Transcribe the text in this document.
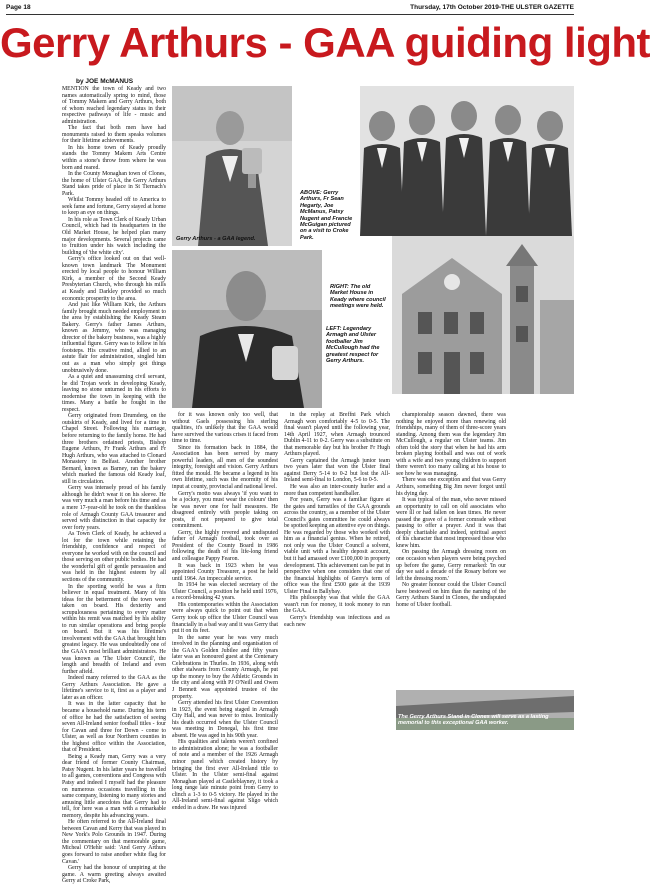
Page 18	Thursday, 17th October 2019-THE ULSTER GAZETTE
Gerry Arthurs - GAA guiding light
by JOE McMANUS

MENTION the town of Keady and two names automatically spring to mind, those of Tommy Makem and Gerry Arthurs, both of whom reached legendary status in their respective pathways of life - music and administration.

The fact that both men have had monuments raised to them speaks volumes for their lifetime achievements.

In his home town of Keady proudly stands the Tommy Makem Arts Centre within a stone's throw from where he was born and reared.

In the County Monaghan town of Clones, the home of Ulster GAA, the Gerry Arthurs Stand takes pride of place in St Tiernach's Park.

Whilst Tommy headed off to America to seek fame and fortune, Gerry stayed at home to keep an eye on things.

In his role as Town Clerk of Keady Urban Council, which had its headquarters in the Old Market House, he helped plan many major developments. Several projects came to fruition under his watch including the building of 'the white city'.

Gerry's office looked out on that well-known town landmark The Monument erected by local people to honour William Kirk, a member of the Second Keady Presbyterian Church, who through his mills at Keady and Darkley provided so much economic prosperity to the area.

And just like William Kirk, the Arthurs family brought much needed employment to the area by establishing the Keady Steam Bakery. Gerry's father James Arthurs, known as Jemmy, who was managing director of the bakery business, was a highly influential figure. Gerry was to follow in his footsteps. His creative mind, allied to an astute flair for administration, singled him out as a man who simply got things unobtrusively done.

As a quiet and unassuming civil servant, he did Trojan work in developing Keady, leaving no stone unturned in his efforts to modernise the town in keeping with the times. Many a battle he fought in the respect.

Gerry originated from Drumderg, on the outskirts of Keady, and lived for a time in Chapel Street. Following his marriage, before returning to the family home. He had three brothers ordained priests, Bishop Eugene Arthurs, Fr Frank Arthurs and Fr Hugh Arthurs, who was attached to Clonard Monastery in Belfast. Another brother Bernard, known as Barney, ran the bakery which marked the famous old Keady loaf, still in circulation.

Gerry was intensely proud of his family although he didn't wear it on his sleeve. He was very much a man before his time and as a mere 17-year-old he took on the thankless role of Armagh County GAA treasurer and served with distinction in that capacity for over forty years.

As Town Clerk of Keady, he achieved a lot for the town while retaining the friendship, confidence and respect of everyone he worked with on the council and those serving on other public bodies. He had the wonderful gift of gentle persuasion and was held in the highest esteem by all sections of the community.

In the sporting world he was a firm believer in equal treatment. Many of his ideas for the betterment of the town were taken on board. His dexterity and scrupulousness pertaining to every matter within his remit was matched by his ability to run similar operations and bring people on board. But it was his lifetime's involvement with the GAA that brought him greatest legacy. He was undoubtedly one of the GAA's most brilliant administrators. He was known as 'The Ulster Council', the length and breadth of Ireland and even further afield.

Indeed many referred to the GAA as the Gerry Arthurs Association. He gave a lifetime's service to it, first as a player and later as an officer.

It was in the latter capacity that he became a household name. During his term of office he had the satisfaction of seeing seven All-Ireland senior football titles - four for Cavan and three for Down - come to Ulster, as well as four Northern counties in the highest office within the Association, that of President.

Being a Keady man, Gerry was a very dear friend of former County Chairman, Patsy Nugent. In his latter years he travelled to all games, conventions and Congress with Patsy and indeed I myself had the pleasure on numerous occasions travelling in the same company, listening to many stories and amusing little anecdotes that Gerry had to tell, for here was a man with a remarkable memory, despite his advancing years.

He often referred to the All-Ireland final between Cavan and Kerry that was played in New York's Polo Grounds in 1947. During the commentary on that memorable game, Micheal O'Hehir said: 'And Gerry Arthurs goes forward to raise another white flag for Cavan.'

Gerry had the honour of umpiring at the game. A warm greeting always awaited Gerry at Croke Park,

Gerry Arthurs - a GAA legend.
ABOVE: Gerry Arthurs, Fr Sean Hegarty, Joe McManus, Patsy Nugent and Francie McGuigan pictured on a visit to Croke Park.
LEFT: Legendary Armagh and Ulster footballer Jim McCullough had the greatest respect for Gerry Arthurs.
RIGHT: The old Market House in Keady where council meetings were held.

for it was known only too well, that without Gaels possessing his sterling qualities, it's unlikely that the GAA would have survived the various crises it faced from time to time.

Since its formation back in 1884, the Association has been served by many powerful leaders, all men of the soundest integrity, foresight and vision. Gerry Arthurs fitted the mould. He became a legend in his own lifetime, such was the enormity of his input at county, provincial and national level.

Gerry's motto was always 'if you want to be a jockey, you must wear the colours' then he was never one for half measures. He disagreed entirely with people taking on posts, if not prepared to give total commitment.

Gerry, the highly revered and undisputed father of Armagh football, took over as President of the County Board in 1986 following the death of his life-long friend and colleague Pappy Fearon.

It was back in 1923 when he was appointed County Treasurer, a post he held until 1964. An impeccable service.

In 1934 he was elected secretary of the Ulster Council, a position he held until 1976, a record-breaking 42 years.

His contemporaries within the Association were always quick to point out that when Gerry took up office the Ulster Council was financially in a bad way and it was Gerry that put it on its feet.

In the same year he was very much involved in the planning and organisation of the GAA's Golden Jubilee and fifty years later was an honoured guest at the Centenary Celebrations in Thurles. In 1936, along with other stalwarts from County Armagh, he put up the money to buy the Athletic Grounds in the city and along with PJ O'Neill and Owen J Bennett was appointed trustee of the property.

Gerry attended his first Ulster Convention in 1923, the event being staged in Armagh City Hall, and was never to miss. Ironically his death occurred when the Ulster Council was meeting in Donegal, his first time absent. He was aged in his 90th year.

His qualities and talents weren't confined to administration alone; he was a footballer of note and a member of the 1926 Armagh minor panel which created history by bringing the first ever All-Ireland title to Ulster. In the Ulster semi-final against Monaghan played at Castleblayney, it took a long range late minute point from Gerry to clinch a 1-3 to 0-5 victory. He played in the All-Ireland semi-final against Sligo which ended in a draw. He was injured

in the replay at Breffni Park which Armagh won comfortably 4-5 to 0-5. The final wasn't played until the following year, 14th April 1927, when Armagh trounced Dublin 4-11 to 0-2. Gerry was a substitute on that memorable day but his brother Fr Hugh Arthurs played.

Gerry captained the Armagh junior team two years later that won the Ulster final against Derry 5-14 to 0-2 but lost the All-Ireland semi-final to London, 5-6 to 0-5.

He was also an inter-county hurler and a more than competent handballer.

For years, Gerry was a familiar figure at the gates and turnstiles of the GAA grounds across the country, as a member of the Ulster Council's gates committee he could always be spotted keeping an attentive eye on things. He was regarded by those who worked with him as a financial genius. When he retired, not only was the Ulster Council a solvent, viable unit with a healthy deposit account, but it had amassed over £100,000 in property development. This achievement can be put in perspective when one considers that one of the financial highlights of Gerry's term of office was the first £500 gate at the 1939 Ulster Final in Ballybay.

His philosophy was that while the GAA wasn't run for money, it took money to run the GAA.

Gerry's friendship was infectious and as each new

championship season dawned, there was nothing he enjoyed more than renewing old friendships, many of them of three-score years standing. Among them was the legendary Jim McCullough, a regular on Ulster teams. Jim often told the story that when he had his arm broken playing football and was out of work with a wife and two young children to support there weren't too many calling at his house to see how he was managing.

There was one exception and that was Gerry Arthurs, something Big Jim never forgot until his dying day.

It was typical of the man, who never missed an opportunity to call on old associates who were ill or had fallen on lean times. He never passed the grave of a former comrade without pausing to offer a prayer. And it was that deeply charitable and indeed, spiritual aspect of his character that most impressed those who knew him.

On passing the Armagh dressing room on one occasion when players were being psyched up before the game, Gerry remarked: 'In our day we said a decade of the Rosary before we left the dressing room.'

No greater honour could the Ulster Council have bestowed on him than the naming of the Gerry Arthurs Stand in Clones, the undisputed home of Ulster football.

The Gerry Arthurs Stand in Clones will serve as a lasting memorial to this exceptional GAA worker.
